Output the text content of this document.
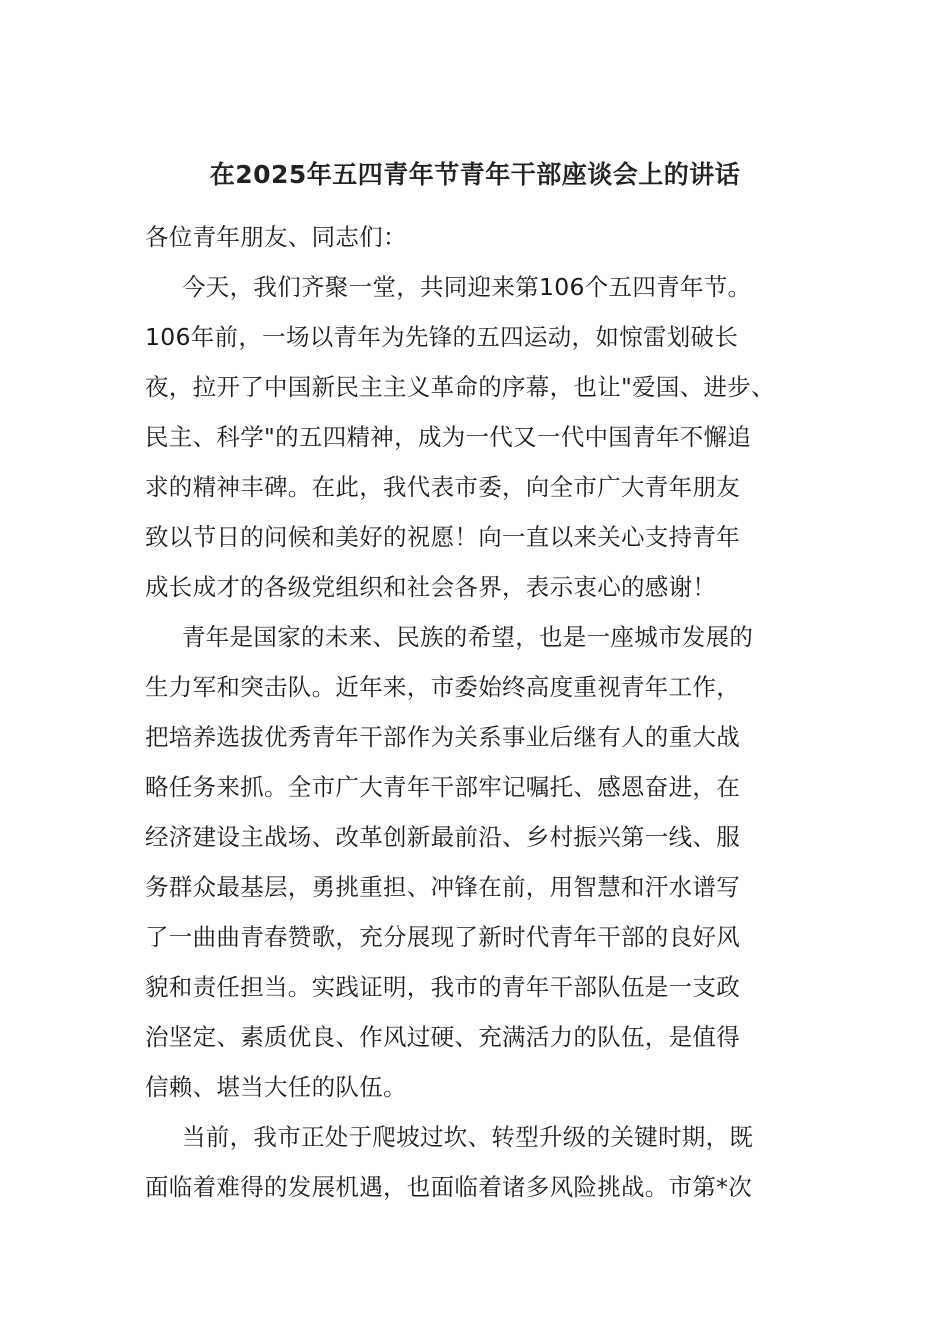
在2025年五四青年节青年干部座谈会上的讲话
各位青年朋友、同志们：
今天，我们齐聚一堂，共同迎来第106个五四青年节。
106年前，一场以青年为先锋的五四运动，如惊雷划破长
夜，拉开了中国新民主主义革命的序幕，也让"爱国、进步、
民主、科学"的五四精神，成为一代又一代中国青年不懈追
求的精神丰碑。在此，我代表市委，向全市广大青年朋友
致以节日的问候和美好的祝愿！向一直以来关心支持青年
成长成才的各级党组织和社会各界，表示衷心的感谢！
青年是国家的未来、民族的希望，也是一座城市发展的
生力军和突击队。近年来，市委始终高度重视青年工作，
把培养选拔优秀青年干部作为关系事业后继有人的重大战
略任务来抓。全市广大青年干部牢记嘱托、感恩奋进，在
经济建设主战场、改革创新最前沿、乡村振兴第一线、服
务群众最基层，勇挑重担、冲锋在前，用智慧和汗水谱写
了一曲曲青春赞歌，充分展现了新时代青年干部的良好风
貌和责任担当。实践证明，我市的青年干部队伍是一支政
治坚定、素质优良、作风过硬、充满活力的队伍，是值得
信赖、堪当大任的队伍。
当前，我市正处于爬坡过坎、转型升级的关键时期，既
面临着难得的发展机遇，也面临着诸多风险挑战。市第*次
